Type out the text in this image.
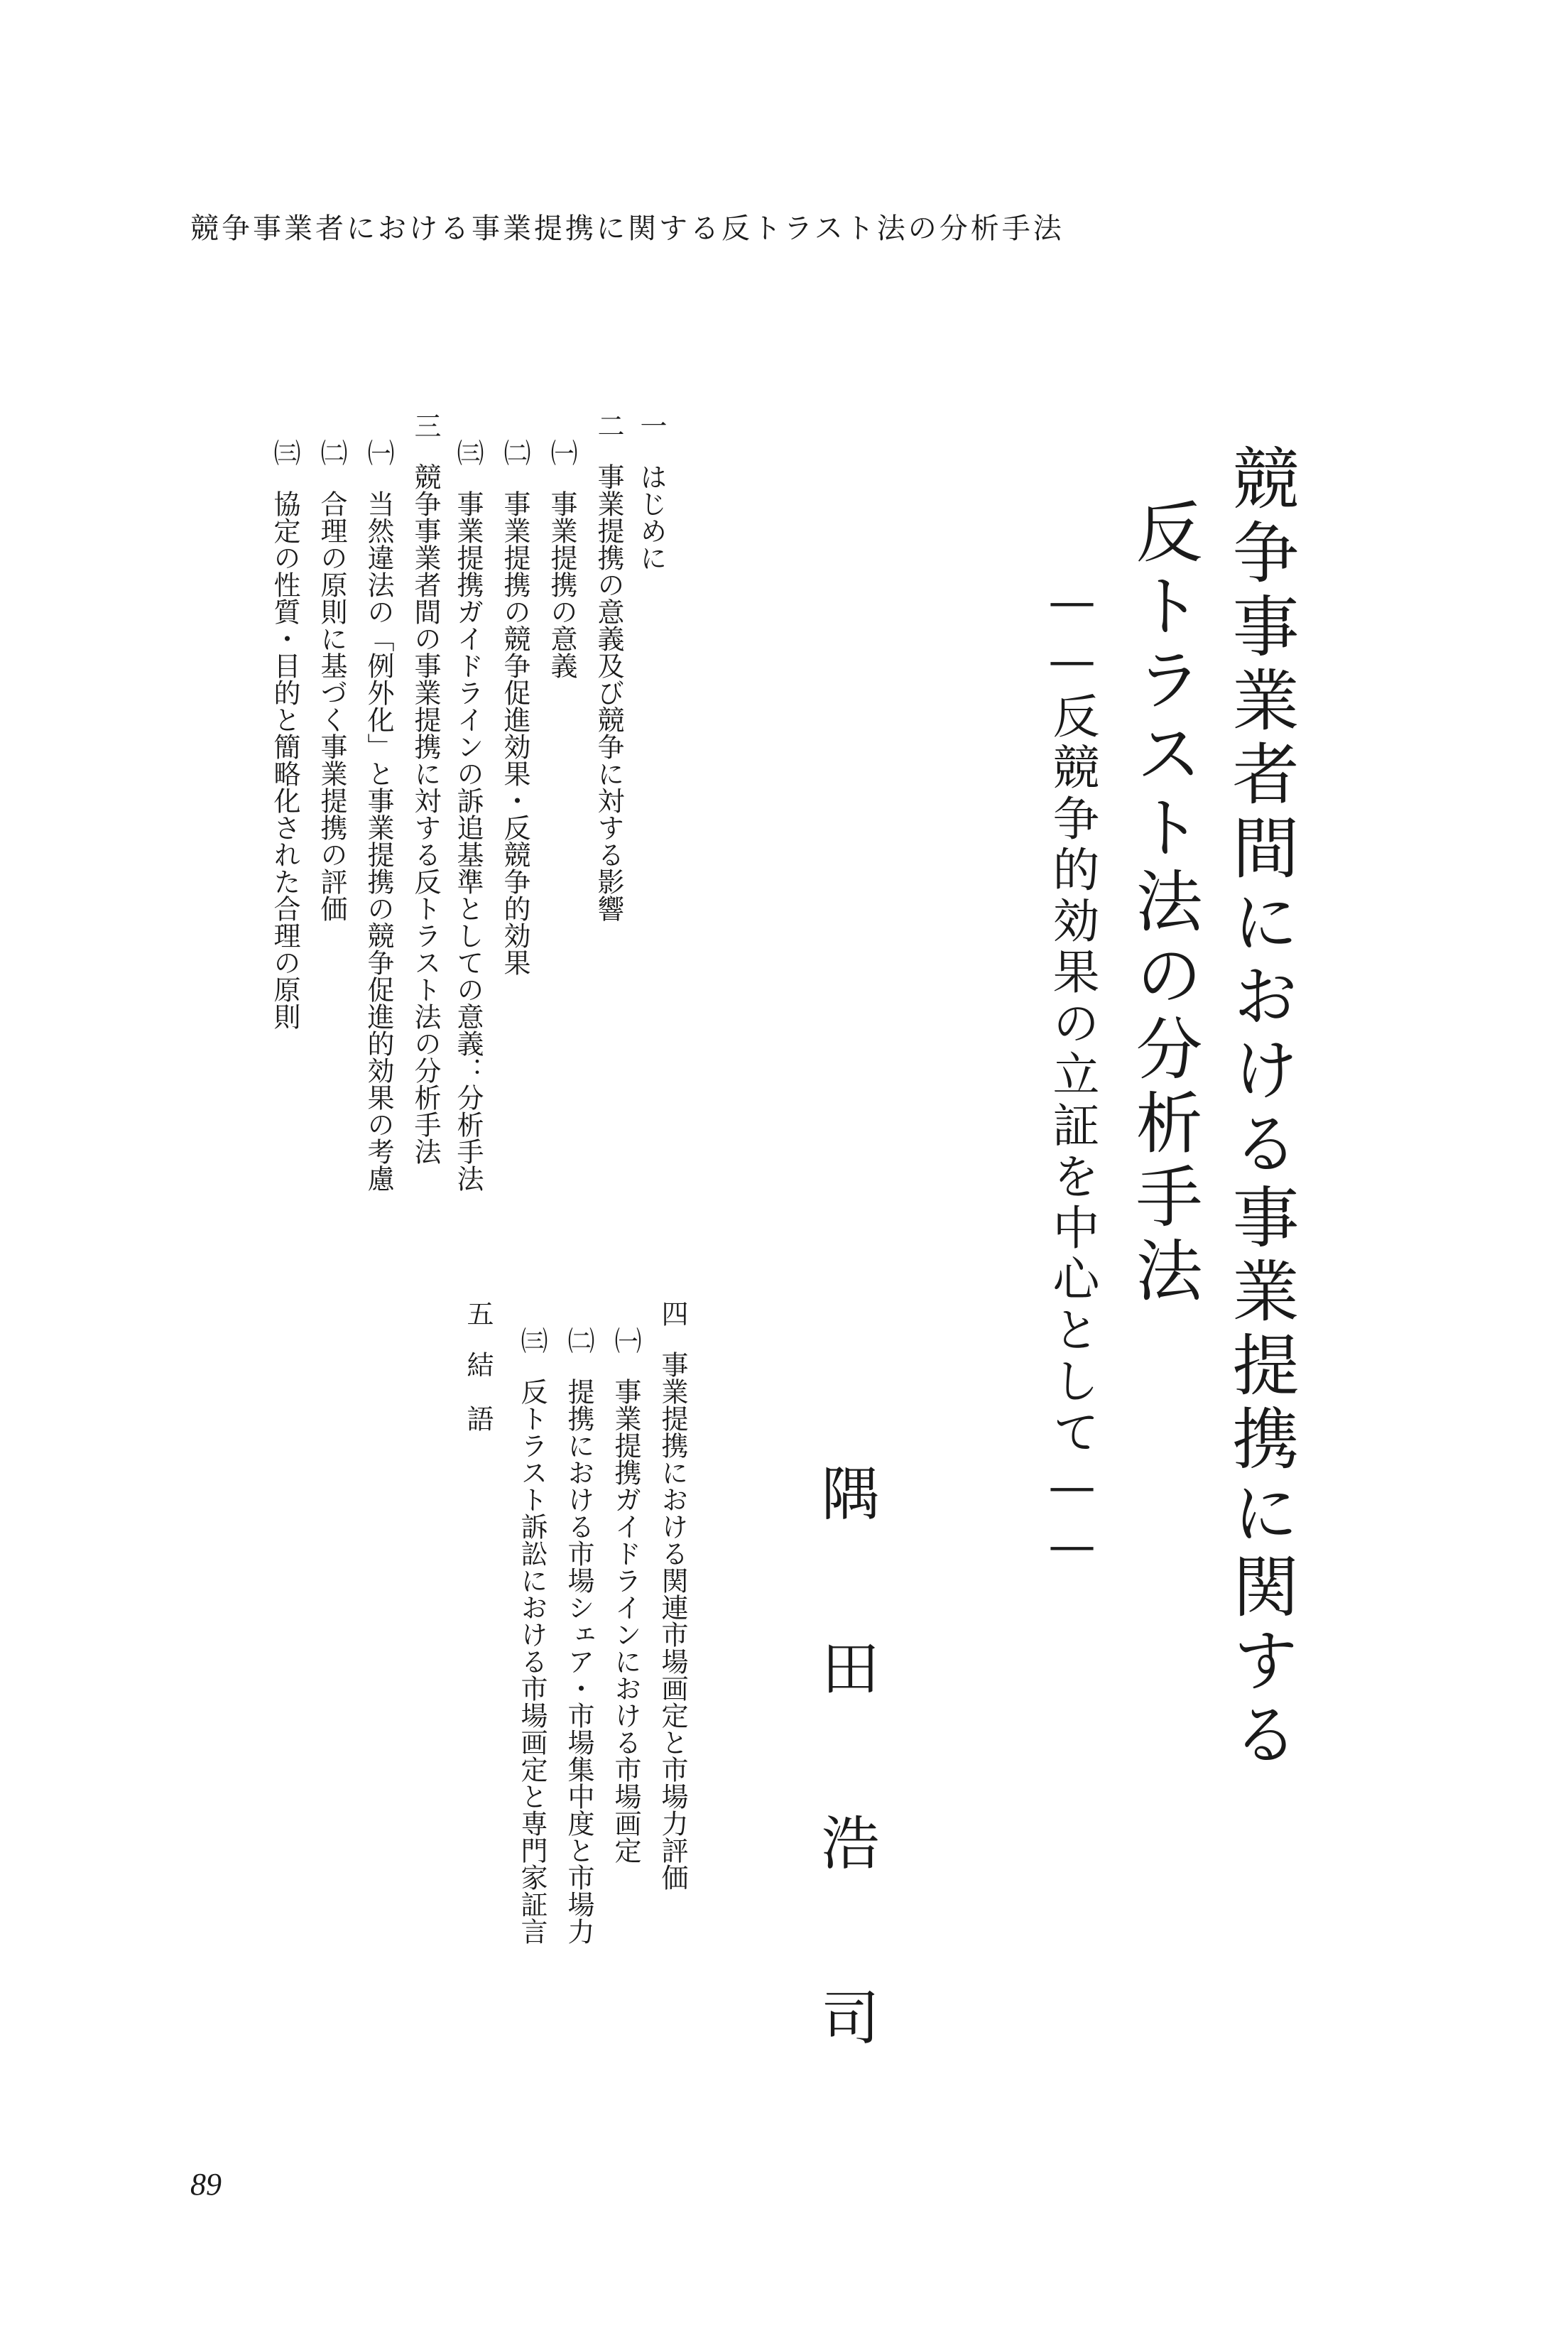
競争事業者における事業提携に関する反トラスト法の分析手法
競争事業者間における事業提携に関する
反トラスト法の分析手法
——反競争的効果の立証を中心として——
隅
田
浩
司
一はじめに
二事業提携の意義及び競争に対する影響
㈠事業提携の意義
㈡事業提携の競争促進効果・反競争的効果
㈢事業提携ガイドラインの訴追基準としての意義：分析手法
三競争事業者間の事業提携に対する反トラスト法の分析手法
㈠当然違法の「例外化」と事業提携の競争促進的効果の考慮
㈡合理の原則に基づく事業提携の評価
㈢協定の性質・目的と簡略化された合理の原則
四事業提携における関連市場画定と市場力評価
㈠事業提携ガイドラインにおける市場画定
㈡提携における市場シェア・市場集中度と市場力
㈢反トラスト訴訟における市場画定と専門家証言
五結　語
89
